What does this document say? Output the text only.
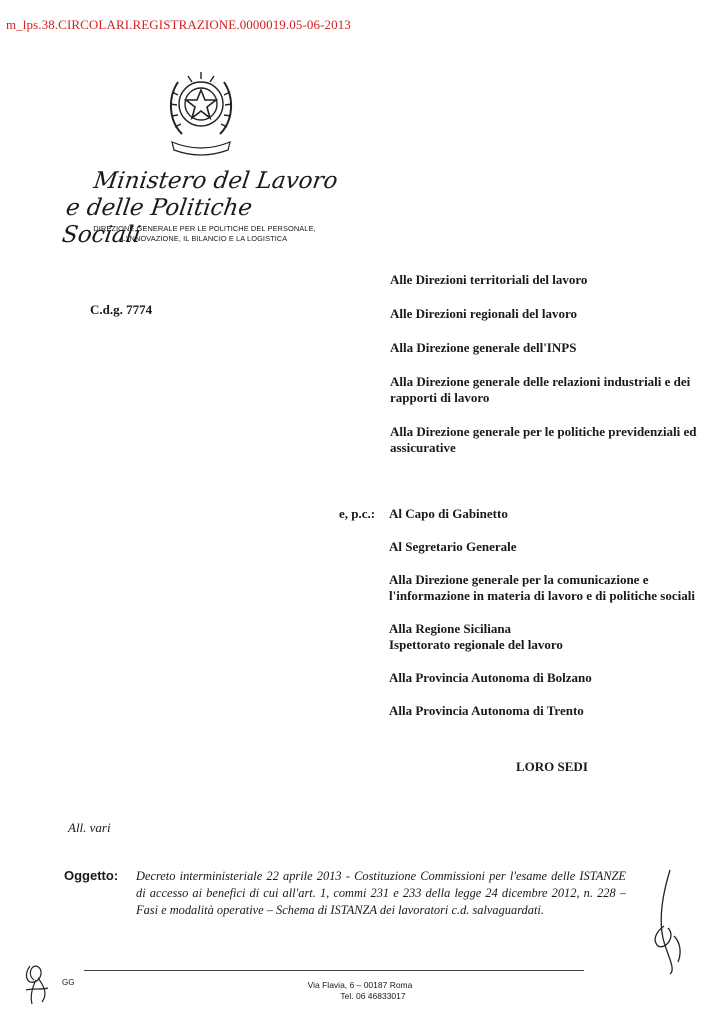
m_lps.38.CIRCOLARI.REGISTRAZIONE.0000019.05-06-2013
Ministero del Lavoro
e delle Politiche Sociali
DIREZIONE GENERALE PER LE POLITICHE DEL PERSONALE, L'INNOVAZIONE, IL BILANCIO E LA LOGISTICA
C.d.g. 7774
Alle Direzioni territoriali del lavoro
Alle Direzioni regionali del lavoro
Alla Direzione generale dell'INPS
Alla Direzione generale delle relazioni industriali e dei rapporti di lavoro
Alla Direzione generale per le politiche previdenziali ed assicurative
e, p.c.: Al Capo di Gabinetto
Al Segretario Generale
Alla Direzione generale per la comunicazione e l'informazione in materia di lavoro e di politiche sociali
Alla Regione Siciliana
Ispettorato regionale del lavoro
Alla Provincia Autonoma di Bolzano
Alla Provincia Autonoma di Trento
LORO SEDI
All. vari
Oggetto: Decreto interministeriale 22 aprile 2013 - Costituzione Commissioni per l'esame delle ISTANZE di accesso ai benefici di cui all'art. 1, commi 231 e 233 della legge 24 dicembre 2012, n. 228 – Fasi e modalità operative – Schema di ISTANZA dei lavoratori c.d. salvaguardati.
GG	Via Flavia, 6 – 00187 Roma
Tel. 06 46833017
